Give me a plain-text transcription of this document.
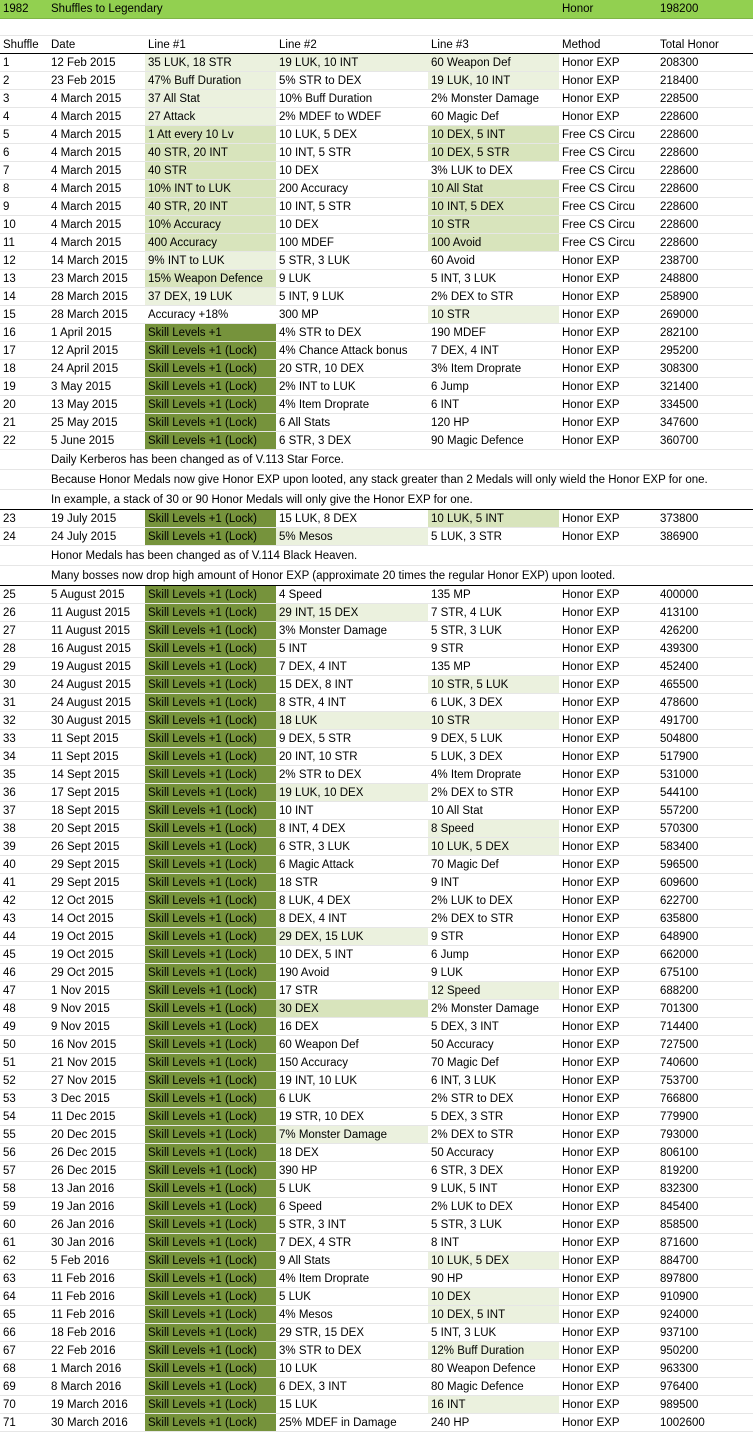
1982	Shuffles to Legendary	Honor	198200
Shuffle	Date	Line #1	Line #2	Line #3	Method	Total Honor
1	12 Feb 2015	35 LUK, 18 STR	19 LUK, 10 INT	60 Weapon Def	Honor EXP	208300
2	23 Feb 2015	47% Buff Duration	5% STR to DEX	19 LUK, 10 INT	Honor EXP	218400
3	4 March 2015	37 All Stat	10% Buff Duration	2% Monster Damage	Honor EXP	228500
4	4 March 2015	27 Attack	2% MDEF to WDEF	60 Magic Def	Honor EXP	228600
5	4 March 2015	1 Att every 10 Lv	10 LUK, 5 DEX	10 DEX, 5 INT	Free CS Circu	228600
6	4 March 2015	40 STR, 20 INT	10 INT, 5 STR	10 DEX, 5 STR	Free CS Circu	228600
7	4 March 2015	40 STR	10 DEX	3% LUK to DEX	Free CS Circu	228600
8	4 March 2015	10% INT to LUK	200 Accuracy	10 All Stat	Free CS Circu	228600
9	4 March 2015	40 STR, 20 INT	10 INT, 5 STR	10 INT, 5 DEX	Free CS Circu	228600
10	4 March 2015	10% Accuracy	10 DEX	10 STR	Free CS Circu	228600
11	4 March 2015	400 Accuracy	100 MDEF	100 Avoid	Free CS Circu	228600
12	14 March 2015	9% INT to LUK	5 STR, 3 LUK	60 Avoid	Honor EXP	238700
13	23 March 2015	15% Weapon Defence	9 LUK	5 INT, 3 LUK	Honor EXP	248800
14	28 March 2015	37 DEX, 19 LUK	5 INT, 9 LUK	2% DEX to STR	Honor EXP	258900
15	28 March 2015	Accuracy +18%	300 MP	10 STR	Honor EXP	269000
16	1 April 2015	Skill Levels +1	4% STR to DEX	190 MDEF	Honor EXP	282100
17	12 April 2015	Skill Levels +1 (Lock)	4% Chance Attack bonus	7 DEX, 4 INT	Honor EXP	295200
18	24 April 2015	Skill Levels +1 (Lock)	20 STR, 10 DEX	3% Item Droprate	Honor EXP	308300
19	3 May 2015	Skill Levels +1 (Lock)	2% INT to LUK	6 Jump	Honor EXP	321400
20	13 May 2015	Skill Levels +1 (Lock)	4% Item Droprate	6 INT	Honor EXP	334500
21	25 May 2015	Skill Levels +1 (Lock)	6 All Stats	120 HP	Honor EXP	347600
22	5 June 2015	Skill Levels +1 (Lock)	6 STR, 3 DEX	90 Magic Defence	Honor EXP	360700
Daily Kerberos has been changed as of V.113 Star Force.
Because Honor Medals now give Honor EXP upon looted, any stack greater than 2 Medals will only wield the Honor EXP for one.
In example, a stack of 30 or 90 Honor Medals will only give the Honor EXP for one.
23	19 July 2015	Skill Levels +1 (Lock)	15 LUK, 8 DEX	10 LUK, 5 INT	Honor EXP	373800
24	24 July 2015	Skill Levels +1 (Lock)	5% Mesos	5 LUK, 3 STR	Honor EXP	386900
Honor Medals has been changed as of V.114 Black Heaven.
Many bosses now drop high amount of Honor EXP (approximate 20 times the regular Honor EXP) upon looted.
25	5 August 2015	Skill Levels +1 (Lock)	4 Speed	135 MP	Honor EXP	400000
26	11 August 2015	Skill Levels +1 (Lock)	29 INT, 15 DEX	7 STR, 4 LUK	Honor EXP	413100
27	11 August 2015	Skill Levels +1 (Lock)	3% Monster Damage	5 STR, 3 LUK	Honor EXP	426200
28	16 August 2015	Skill Levels +1 (Lock)	5 INT	9 STR	Honor EXP	439300
29	19 August 2015	Skill Levels +1 (Lock)	7 DEX, 4 INT	135 MP	Honor EXP	452400
30	24 August 2015	Skill Levels +1 (Lock)	15 DEX, 8 INT	10 STR, 5 LUK	Honor EXP	465500
31	24 August 2015	Skill Levels +1 (Lock)	8 STR, 4 INT	6 LUK, 3 DEX	Honor EXP	478600
32	30 August 2015	Skill Levels +1 (Lock)	18 LUK	10 STR	Honor EXP	491700
33	11 Sept 2015	Skill Levels +1 (Lock)	9 DEX, 5 STR	9 DEX, 5 LUK	Honor EXP	504800
34	11 Sept 2015	Skill Levels +1 (Lock)	20 INT, 10 STR	5 LUK, 3 DEX	Honor EXP	517900
35	14 Sept 2015	Skill Levels +1 (Lock)	2% STR to DEX	4% Item Droprate	Honor EXP	531000
36	17 Sept 2015	Skill Levels +1 (Lock)	19 LUK, 10 DEX	2% DEX to STR	Honor EXP	544100
37	18 Sept 2015	Skill Levels +1 (Lock)	10 INT	10 All Stat	Honor EXP	557200
38	20 Sept 2015	Skill Levels +1 (Lock)	8 INT, 4 DEX	8 Speed	Honor EXP	570300
39	26 Sept 2015	Skill Levels +1 (Lock)	6 STR, 3 LUK	10 LUK, 5 DEX	Honor EXP	583400
40	29 Sept 2015	Skill Levels +1 (Lock)	6 Magic Attack	70 Magic Def	Honor EXP	596500
41	29 Sept 2015	Skill Levels +1 (Lock)	18 STR	9 INT	Honor EXP	609600
42	12 Oct 2015	Skill Levels +1 (Lock)	8 LUK, 4 DEX	2% LUK to DEX	Honor EXP	622700
43	14 Oct 2015	Skill Levels +1 (Lock)	8 DEX, 4 INT	2% DEX to STR	Honor EXP	635800
44	19 Oct 2015	Skill Levels +1 (Lock)	29 DEX, 15 LUK	9 STR	Honor EXP	648900
45	19 Oct 2015	Skill Levels +1 (Lock)	10 DEX, 5 INT	6 Jump	Honor EXP	662000
46	29 Oct 2015	Skill Levels +1 (Lock)	190 Avoid	9 LUK	Honor EXP	675100
47	1 Nov 2015	Skill Levels +1 (Lock)	17 STR	12 Speed	Honor EXP	688200
48	9 Nov 2015	Skill Levels +1 (Lock)	30 DEX	2% Monster Damage	Honor EXP	701300
49	9 Nov 2015	Skill Levels +1 (Lock)	16 DEX	5 DEX, 3 INT	Honor EXP	714400
50	16 Nov 2015	Skill Levels +1 (Lock)	60 Weapon Def	50 Accuracy	Honor EXP	727500
51	21 Nov 2015	Skill Levels +1 (Lock)	150 Accuracy	70 Magic Def	Honor EXP	740600
52	27 Nov 2015	Skill Levels +1 (Lock)	19 INT, 10 LUK	6 INT, 3 LUK	Honor EXP	753700
53	3 Dec 2015	Skill Levels +1 (Lock)	6 LUK	2% STR to DEX	Honor EXP	766800
54	11 Dec 2015	Skill Levels +1 (Lock)	19 STR, 10 DEX	5 DEX, 3 STR	Honor EXP	779900
55	20 Dec 2015	Skill Levels +1 (Lock)	7% Monster Damage	2% DEX to STR	Honor EXP	793000
56	26 Dec 2015	Skill Levels +1 (Lock)	18 DEX	50 Accuracy	Honor EXP	806100
57	26 Dec 2015	Skill Levels +1 (Lock)	390 HP	6 STR, 3 DEX	Honor EXP	819200
58	13 Jan 2016	Skill Levels +1 (Lock)	5 LUK	9 LUK, 5 INT	Honor EXP	832300
59	19 Jan 2016	Skill Levels +1 (Lock)	6 Speed	2% LUK to DEX	Honor EXP	845400
60	26 Jan 2016	Skill Levels +1 (Lock)	5 STR, 3 INT	5 STR, 3 LUK	Honor EXP	858500
61	30 Jan 2016	Skill Levels +1 (Lock)	7 DEX, 4 STR	8 INT	Honor EXP	871600
62	5 Feb 2016	Skill Levels +1 (Lock)	9 All Stats	10 LUK, 5 DEX	Honor EXP	884700
63	11 Feb 2016	Skill Levels +1 (Lock)	4% Item Droprate	90 HP	Honor EXP	897800
64	11 Feb 2016	Skill Levels +1 (Lock)	5 LUK	10 DEX	Honor EXP	910900
65	11 Feb 2016	Skill Levels +1 (Lock)	4% Mesos	10 DEX, 5 INT	Honor EXP	924000
66	18 Feb 2016	Skill Levels +1 (Lock)	29 STR, 15 DEX	5 INT, 3 LUK	Honor EXP	937100
67	22 Feb 2016	Skill Levels +1 (Lock)	3% STR to DEX	12% Buff Duration	Honor EXP	950200
68	1 March 2016	Skill Levels +1 (Lock)	10 LUK	80 Weapon Defence	Honor EXP	963300
69	8 March 2016	Skill Levels +1 (Lock)	6 DEX, 3 INT	80 Magic Defence	Honor EXP	976400
70	19 March 2016	Skill Levels +1 (Lock)	15 LUK	16 INT	Honor EXP	989500
71	30 March 2016	Skill Levels +1 (Lock)	25% MDEF in Damage	240 HP	Honor EXP	1002600
